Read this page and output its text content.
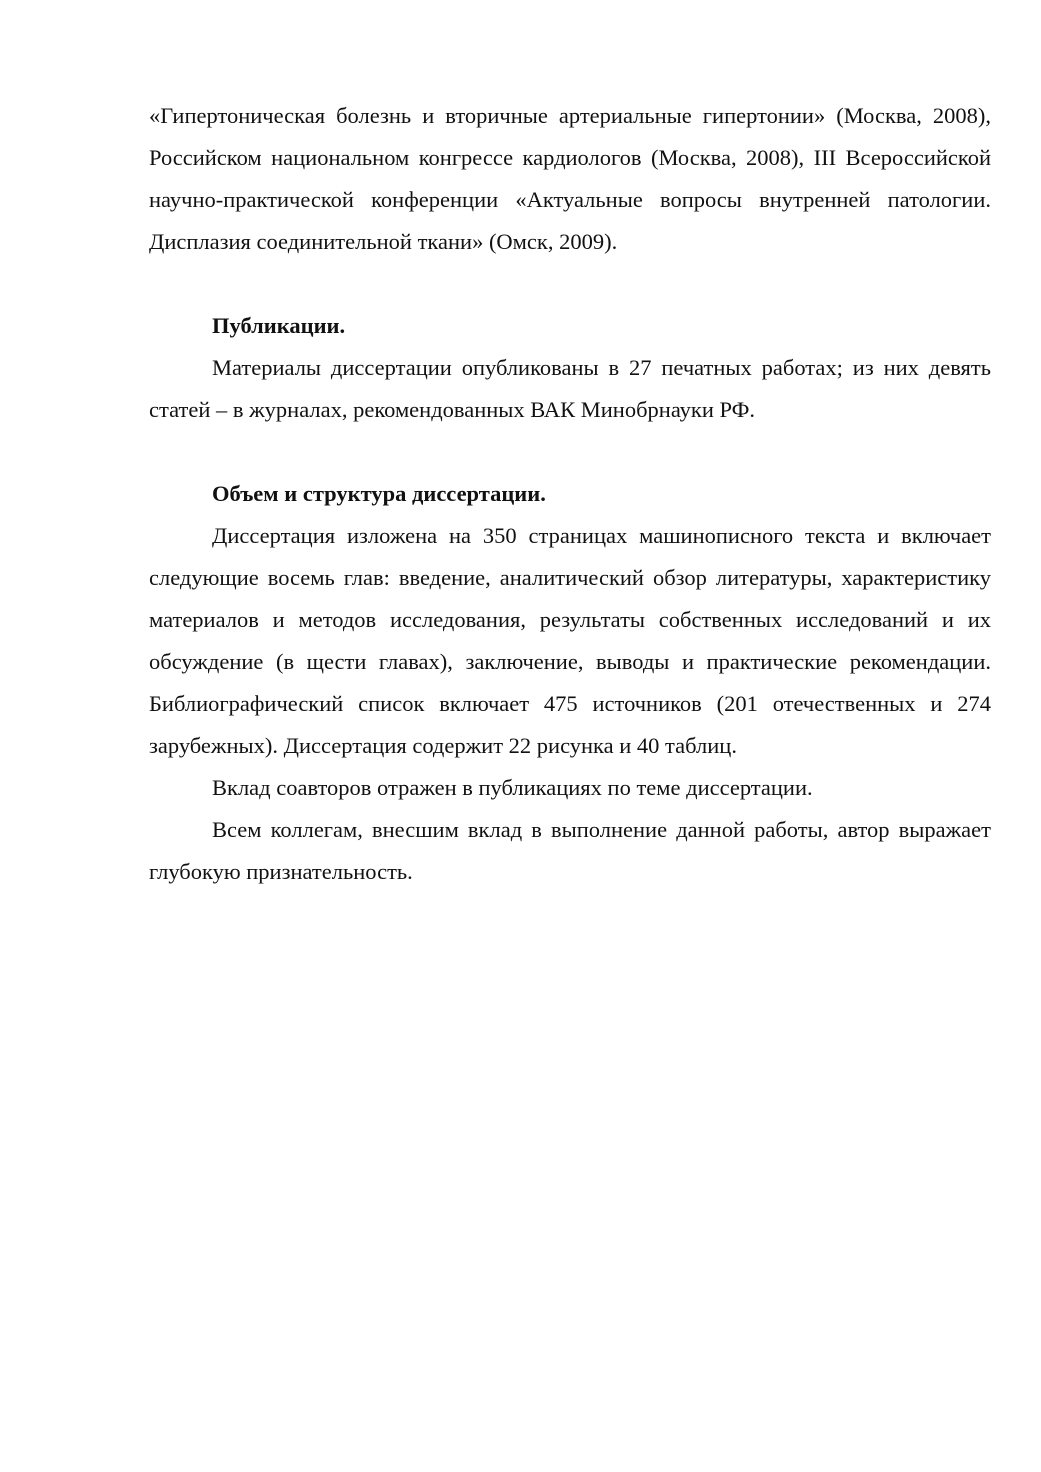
«Гипертоническая болезнь и вторичные артериальные гипертонии» (Москва, 2008), Российском национальном конгрессе кардиологов (Москва, 2008), III Всероссийской научно-практической конференции «Актуальные вопросы внутренней патологии. Дисплазия соединительной ткани» (Омск, 2009).

Публикации.

Материалы диссертации опубликованы в 27 печатных работах; из них девять статей – в журналах, рекомендованных ВАК Минобрнауки РФ.

Объем и структура диссертации.

Диссертация изложена на 350 страницах машинописного текста и включает следующие восемь глав: введение, аналитический обзор литературы, характеристику материалов и методов исследования, результаты собственных исследований и их обсуждение (в щести главах), заключение, выводы и практические рекомендации. Библиографический список включает 475 источников (201 отечественных и 274 зарубежных). Диссертация содержит 22 рисунка и 40 таблиц.

Вклад соавторов отражен в публикациях по теме диссертации.

Всем коллегам, внесшим вклад в выполнение данной работы, автор выражает глубокую признательность.
